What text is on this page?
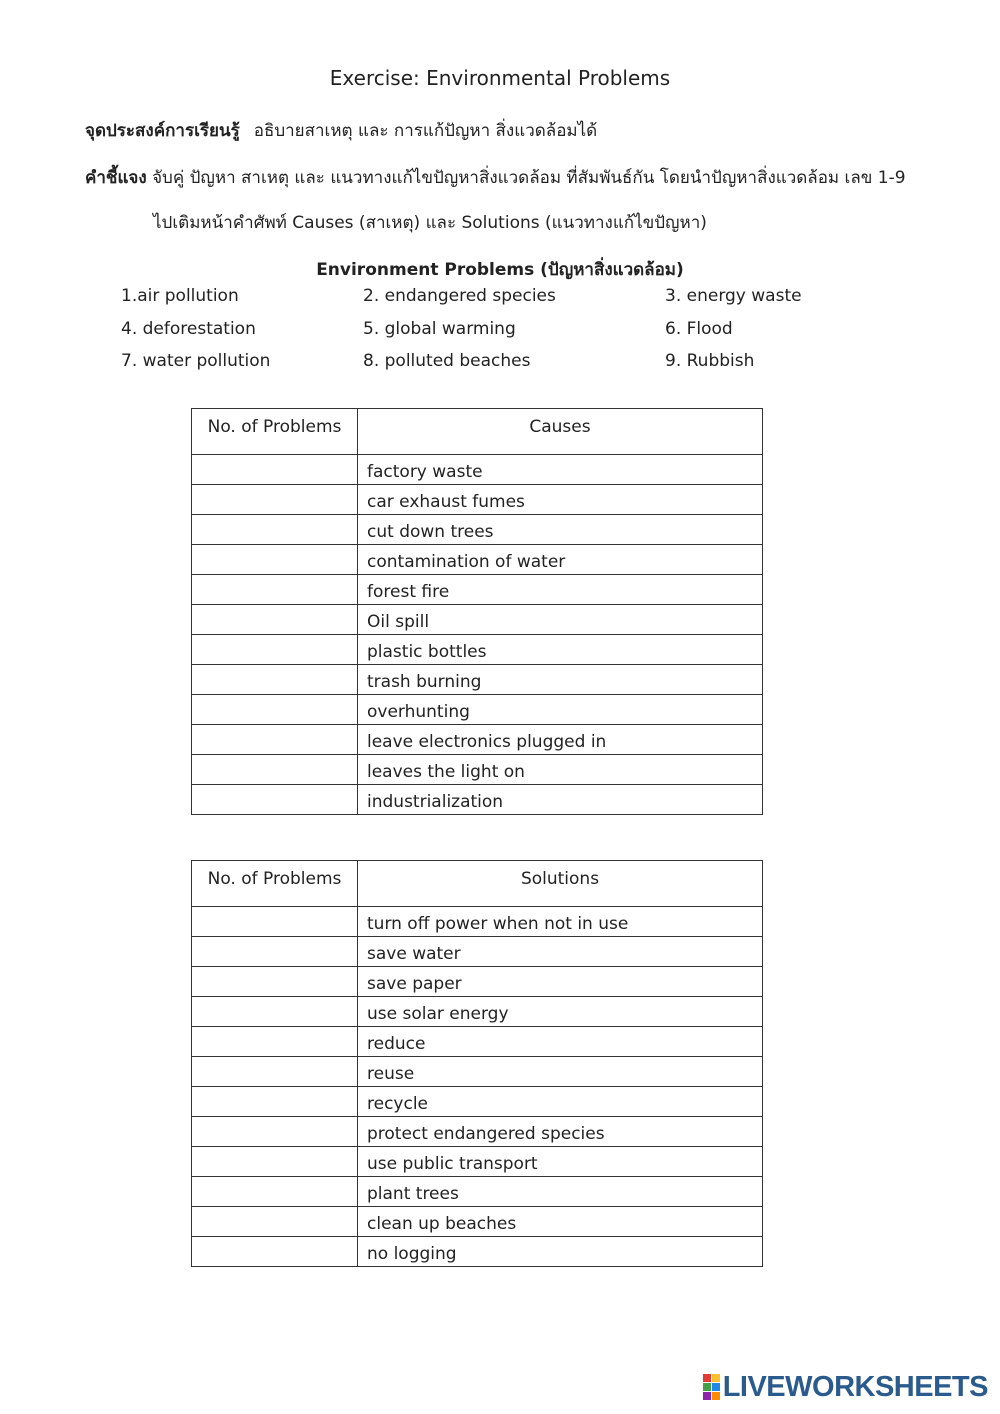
Exercise: Environmental Problems
จุดประสงค์การเรียนรู้ อธิบายสาเหตุ และ การแก้ปัญหา สิ่งแวดล้อมได้
คำชี้แจง จับคู่ ปัญหา สาเหตุ และ แนวทางแก้ไขปัญหาสิ่งแวดล้อม ที่สัมพันธ์กัน โดยนำปัญหาสิ่งแวดล้อม เลข 1-9
ไปเติมหน้าคำศัพท์ Causes (สาเหตุ) และ Solutions (แนวทางแก้ไขปัญหา)
Environment Problems (ปัญหาสิ่งแวดล้อม)
1.air pollution	2. endangered species	3. energy waste
4. deforestation	5. global warming	6. Flood
7. water pollution	8. polluted beaches	9. Rubbish
No. of Problems	Causes
	factory waste
	car exhaust fumes
	cut down trees
	contamination of water
	forest fire
	Oil spill
	plastic bottles
	trash burning
	overhunting
	leave electronics plugged in
	leaves the light on
	industrialization
No. of Problems	Solutions
	turn off power when not in use
	save water
	save paper
	use solar energy
	reduce
	reuse
	recycle
	protect endangered species
	use public transport
	plant trees
	clean up beaches
	no logging
LIVEWORKSHEETS
